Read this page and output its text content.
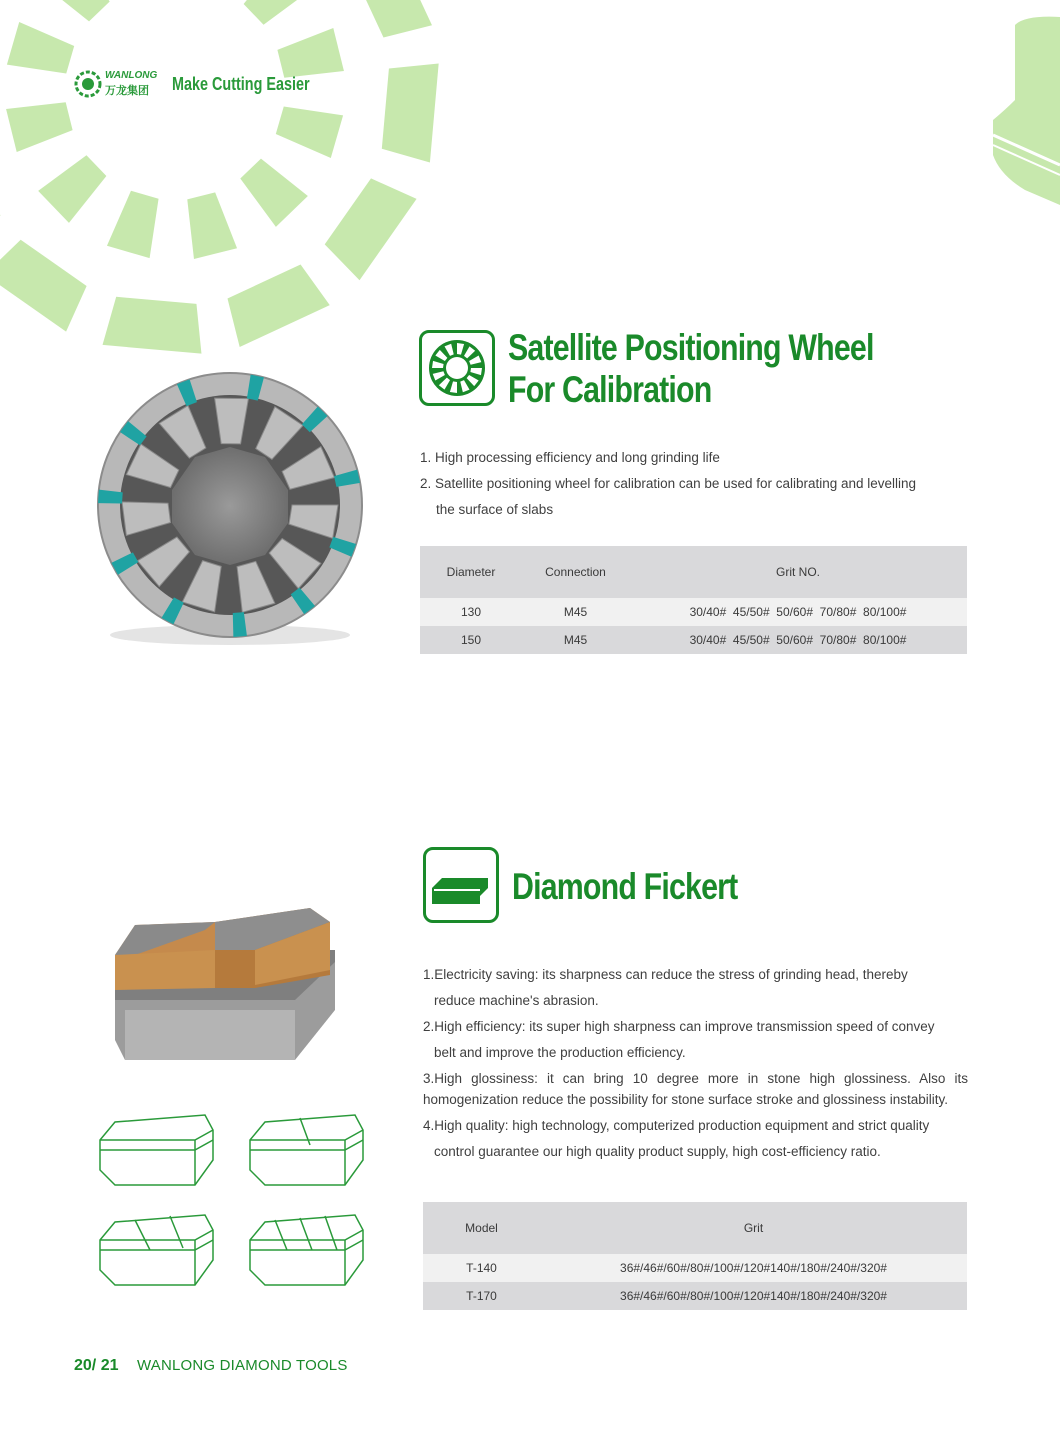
WANLONG
万龙集团 Make Cutting Easier
Satellite Positioning Wheel
For Calibration

1. High processing efficiency and long grinding life

2. Satellite positioning wheel for calibration can be used for calibrating and levelling

the surface of slabs

Diameter	Connection	Grit NO.
130	M45	30/40#  45/50#  50/60#  70/80#  80/100#
150	M45	30/40#  45/50#  50/60#  70/80#  80/100#
Diamond Fickert

1.Electricity saving: its sharpness can reduce the stress of grinding head, thereby

reduce machine's abrasion.

2.High efficiency: its super high sharpness can improve transmission speed of convey

belt and improve the production efficiency.

3.High glossiness: it can bring 10 degree more in stone high glossiness. Also its

homogenization reduce the possibility for stone surface stroke and glossiness instability.

4.High quality: high technology, computerized production equipment and strict quality

control guarantee our high quality product supply, high cost-efficiency ratio.

Model	Grit
T-140	36#/46#/60#/80#/100#/120#140#/180#/240#/320#
T-170	36#/46#/60#/80#/100#/120#140#/180#/240#/320#
20/ 21 WANLONG DIAMOND TOOLS
